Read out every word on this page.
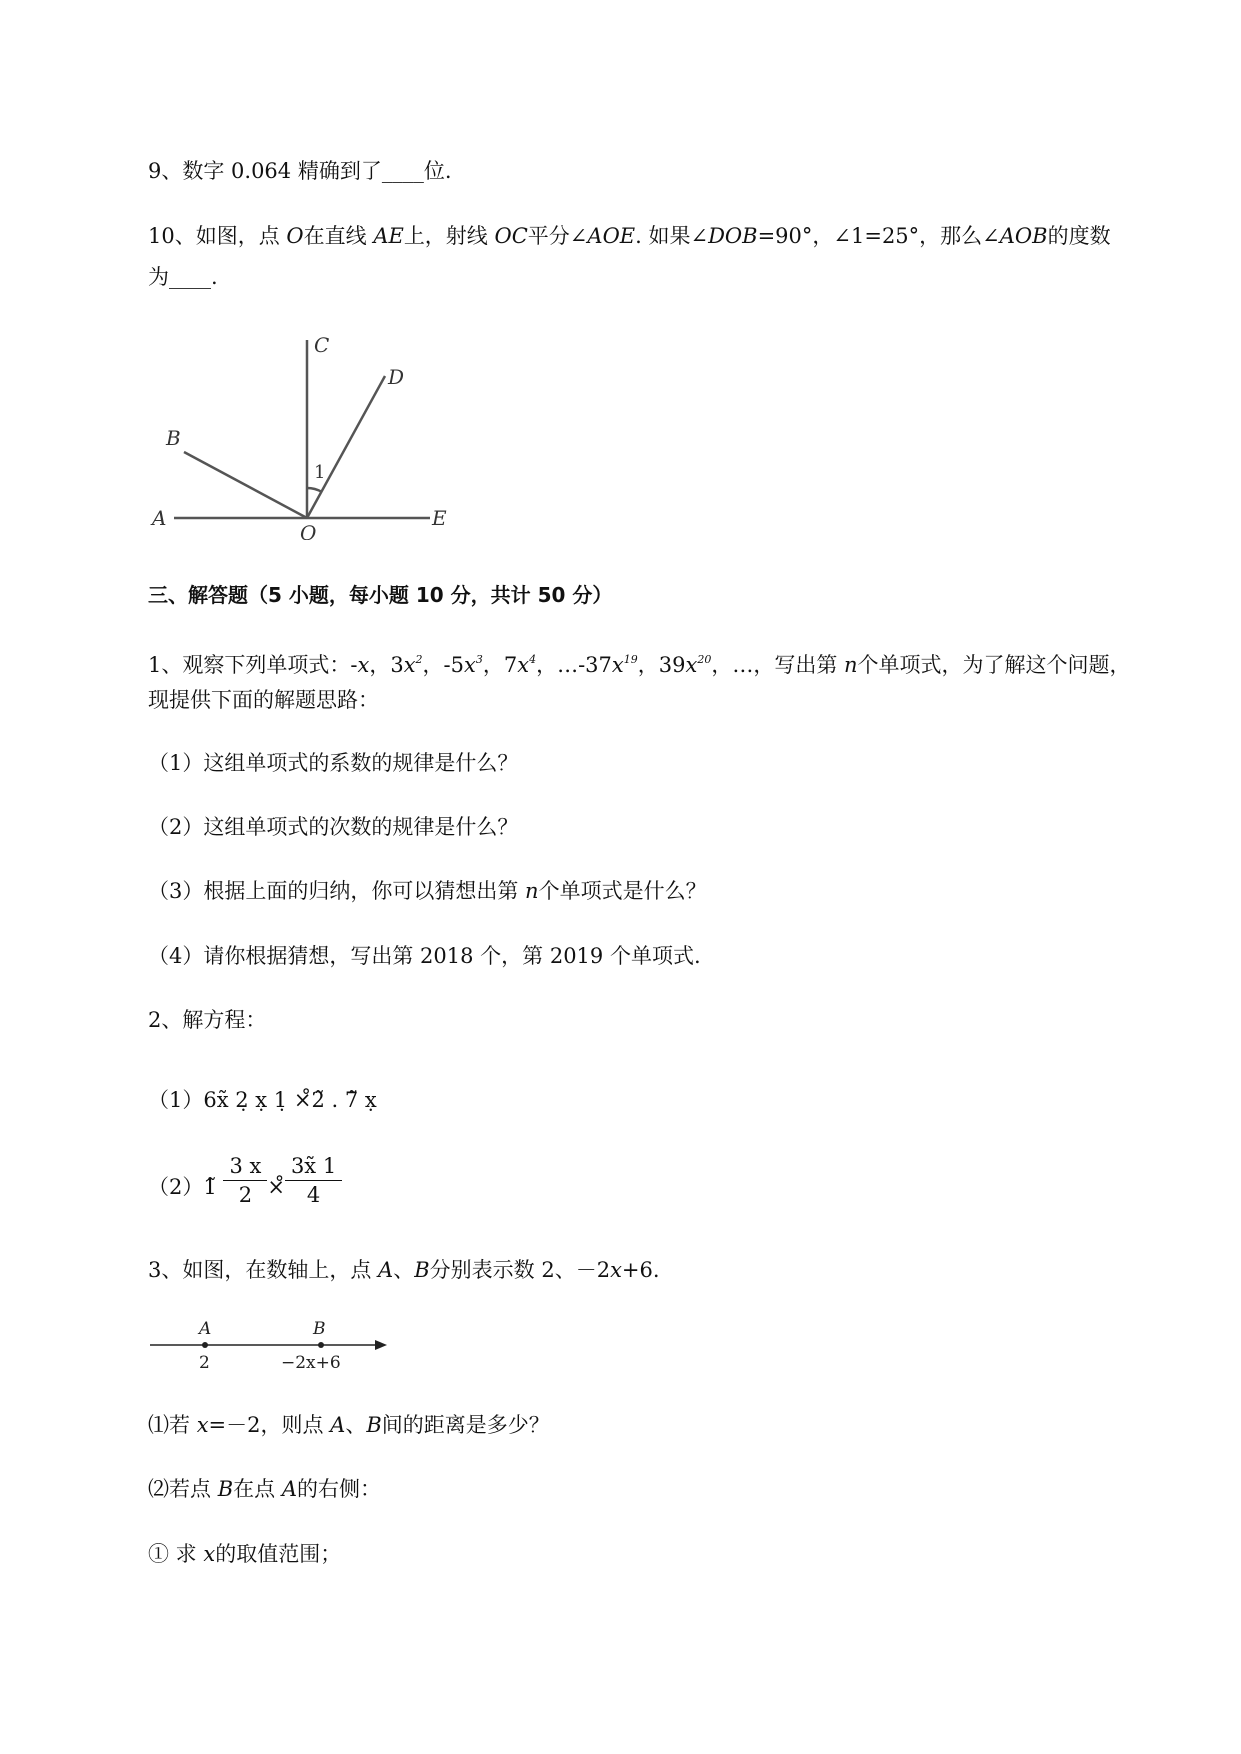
9、数字 0.064 精确到了____位.
10、如图，点 O在直线 AE上，射线 OC平分∠AOE. 如果∠DOB=90°，∠1=25°，那么∠AOB的度数
为____.
C
D
B
1
A
O
E
三、解答题（5 小题，每小题 10 分，共计 50 分）
1、观察下列单项式：-x，$3x^2$，$-5x^3$，$7x^4$，$\dots-37x^{19}$，$39x^{20}$，…，写出第 n个单项式，为了解这个问题，
现提供下面的解题思路：
（1）这组单项式的系数的规律是什么？
（2）这组单项式的次数的规律是什么？
（3）根据上面的归纳，你可以猜想出第 n个单项式是什么？
（4）请你根据猜想，写出第 2018 个，第 2019 个单项式.
2、解方程：
（1）6x̃ 2̣ x̣ 1̣ ×̊2̃ . 7̃ x̣
（2）1̃ $\frac{3 x}{2}$ ×̊ $\frac{3x̃ 1}{4}$
3、如图，在数轴上，点 A、B分别表示数 2、－2x+6.
A	B
2	−2x+6
⑴若 x=－2，则点 A、B间的距离是多少？
⑵若点 B在点 A的右侧：
① 求 x的取值范围；
